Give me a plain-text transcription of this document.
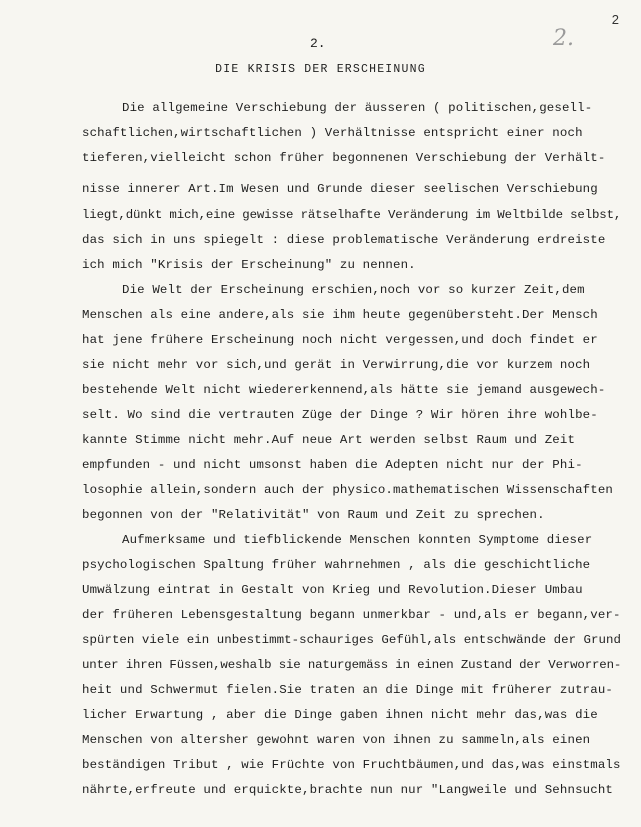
2
2.
2.
DIE KRISIS DER ERSCHEINUNG
Die allgemeine Verschiebung der äusseren ( politischen,gesell-
schaftlichen,wirtschaftlichen ) Verhältnisse entspricht einer noch
tieferen,vielleicht schon früher begonnenen Verschiebung der Verhält-
nisse innerer Art.Im Wesen und Grunde dieser seelischen Verschiebung
liegt,dünkt mich,eine gewisse rätselhafte Veränderung im Weltbilde selbst,
das sich in uns spiegelt : diese problematische Veränderung erdreiste
ich mich "Krisis der Erscheinung" zu nennen.
Die Welt der Erscheinung erschien,noch vor so kurzer Zeit,dem
Menschen als eine andere,als sie ihm heute gegenübersteht.Der Mensch
hat jene frühere Erscheinung noch nicht vergessen,und doch findet er
sie nicht mehr vor sich,und gerät in Verwirrung,die vor kurzem noch
bestehende Welt nicht wiedererkennend,als hätte sie jemand ausgewech-
selt. Wo sind die vertrauten Züge der Dinge ? Wir hören ihre wohlbe-
kannte Stimme nicht mehr.Auf neue Art werden selbst Raum und Zeit
empfunden - und nicht umsonst haben die Adepten nicht nur der Phi-
losophie allein,sondern auch der physico.mathematischen Wissenschaften
begonnen von der "Relativität" von Raum und Zeit zu sprechen.
Aufmerksame und tiefblickende Menschen konnten Symptome dieser
psychologischen Spaltung früher wahrnehmen , als die geschichtliche
Umwälzung eintrat in Gestalt von Krieg und Revolution.Dieser Umbau
der früheren Lebensgestaltung begann unmerkbar - und,als er begann,ver-
spürten viele ein unbestimmt-schauriges Gefühl,als entschwände der Grund
unter ihren Füssen,weshalb sie naturgemäss in einen Zustand der Verworren-
heit und Schwermut fielen.Sie traten an die Dinge mit früherer zutrau-
licher Erwartung , aber die Dinge gaben ihnen nicht mehr das,was die
Menschen von altersher gewohnt waren von ihnen zu sammeln,als einen
beständigen Tribut , wie Früchte von Fruchtbäumen,und das,was einstmals
nährte,erfreute und erquickte,brachte nun nur "Langweile und Sehnsucht
